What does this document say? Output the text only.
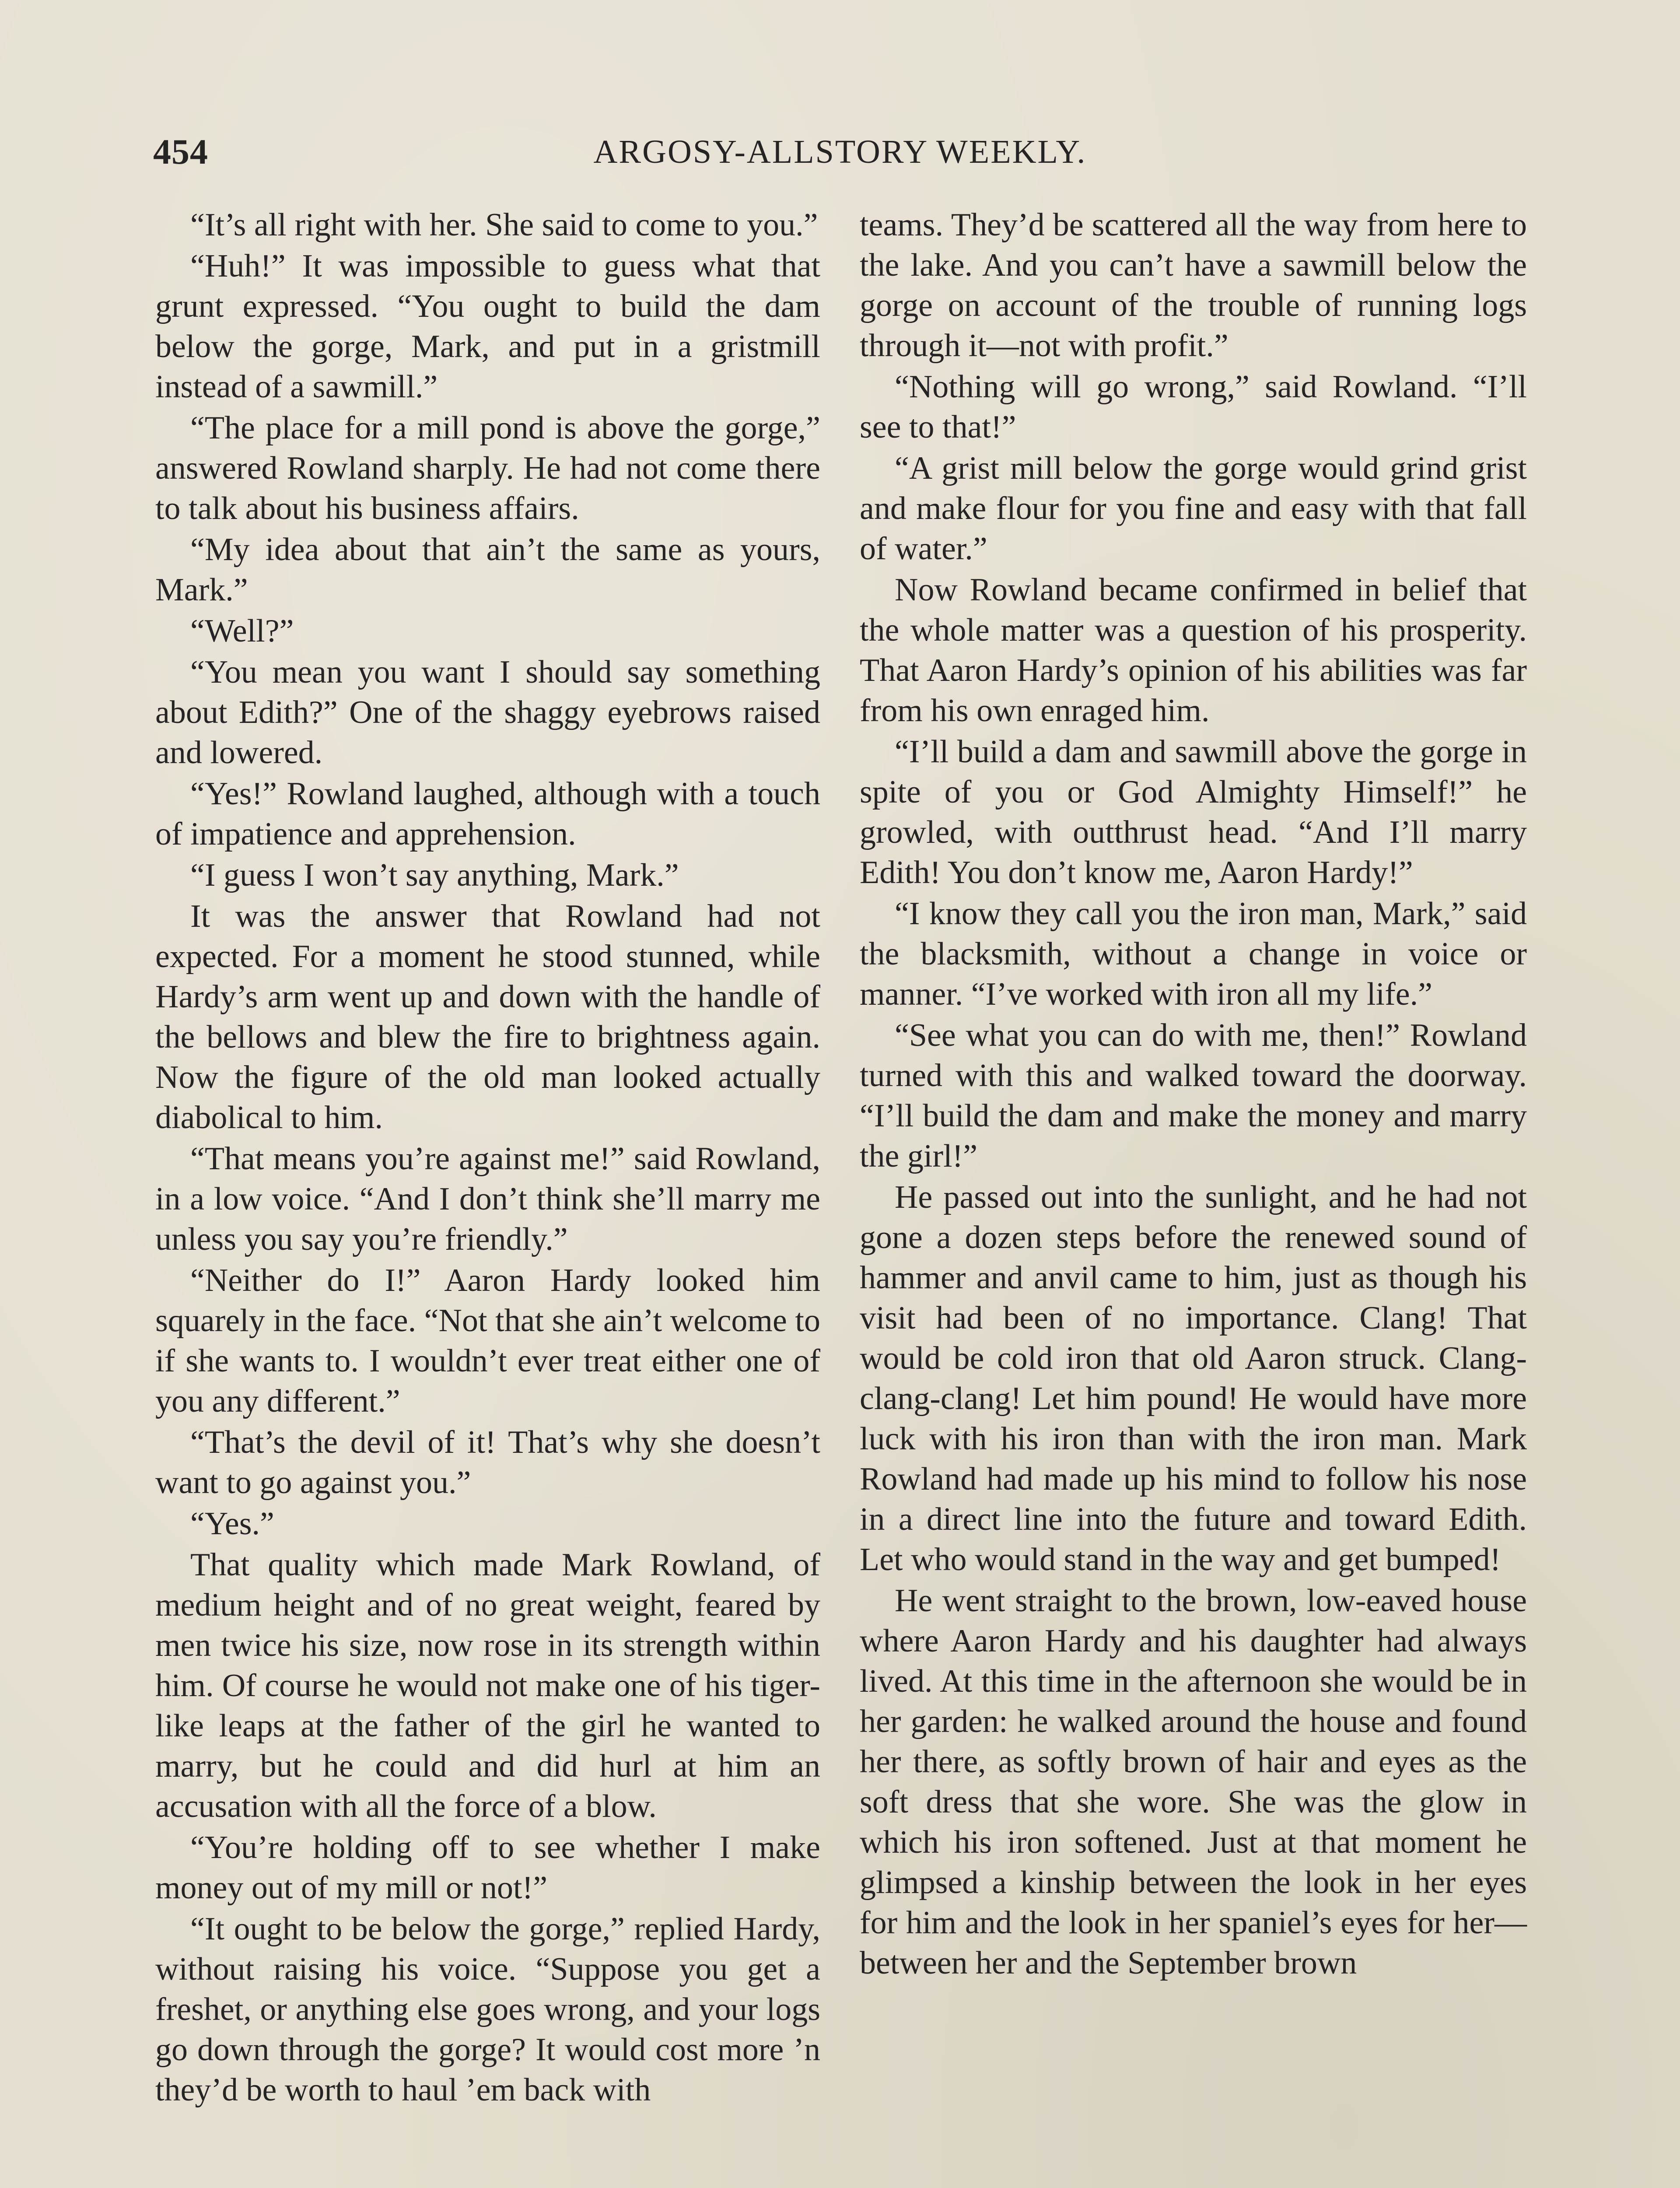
454	ARGOSY-ALLSTORY WEEKLY.

“It’s all right with her. She said to come to you.”

“Huh!” It was impossible to guess what that grunt expressed. “You ought to build the dam below the gorge, Mark, and put in a gristmill instead of a sawmill.”

“The place for a mill pond is above the gorge,” answered Rowland sharply. He had not come there to talk about his business affairs.

“My idea about that ain’t the same as yours, Mark.”

“Well?”

“You mean you want I should say something about Edith?” One of the shaggy eyebrows raised and lowered.

“Yes!” Rowland laughed, although with a touch of impatience and apprehension.

“I guess I won’t say anything, Mark.”

It was the answer that Rowland had not expected. For a moment he stood stunned, while Hardy’s arm went up and down with the handle of the bellows and blew the fire to brightness again. Now the figure of the old man looked actually diabolical to him.

“That means you’re against me!” said Rowland, in a low voice. “And I don’t think she’ll marry me unless you say you’re friendly.”

“Neither do I!” Aaron Hardy looked him squarely in the face. “Not that she ain’t welcome to if she wants to. I wouldn’t ever treat either one of you any different.”

“That’s the devil of it! That’s why she doesn’t want to go against you.”

“Yes.”

That quality which made Mark Rowland, of medium height and of no great weight, feared by men twice his size, now rose in its strength within him. Of course he would not make one of his tiger-like leaps at the father of the girl he wanted to marry, but he could and did hurl at him an accusation with all the force of a blow.

“You’re holding off to see whether I make money out of my mill or not!”

“It ought to be below the gorge,” replied Hardy, without raising his voice. “Suppose you get a freshet, or anything else goes wrong, and your logs go down through the gorge? It would cost more ’n they’d be worth to haul ’em back with

teams. They’d be scattered all the way from here to the lake. And you can’t have a sawmill below the gorge on account of the trouble of running logs through it—not with profit.”

“Nothing will go wrong,” said Rowland. “I’ll see to that!”

“A grist mill below the gorge would grind grist and make flour for you fine and easy with that fall of water.”

Now Rowland became confirmed in belief that the whole matter was a question of his prosperity. That Aaron Hardy’s opinion of his abilities was far from his own enraged him.

“I’ll build a dam and sawmill above the gorge in spite of you or God Almighty Himself!” he growled, with outthrust head. “And I’ll marry Edith! You don’t know me, Aaron Hardy!”

“I know they call you the iron man, Mark,” said the blacksmith, without a change in voice or manner. “I’ve worked with iron all my life.”

“See what you can do with me, then!” Rowland turned with this and walked toward the doorway. “I’ll build the dam and make the money and marry the girl!”

He passed out into the sunlight, and he had not gone a dozen steps before the renewed sound of hammer and anvil came to him, just as though his visit had been of no importance. Clang! That would be cold iron that old Aaron struck. Clang-clang-clang! Let him pound! He would have more luck with his iron than with the iron man. Mark Rowland had made up his mind to follow his nose in a direct line into the future and toward Edith. Let who would stand in the way and get bumped!

He went straight to the brown, low-eaved house where Aaron Hardy and his daughter had always lived. At this time in the afternoon she would be in her garden: he walked around the house and found her there, as softly brown of hair and eyes as the soft dress that she wore. She was the glow in which his iron softened. Just at that moment he glimpsed a kinship between the look in her eyes for him and the look in her spaniel’s eyes for her—between her and the September brown
